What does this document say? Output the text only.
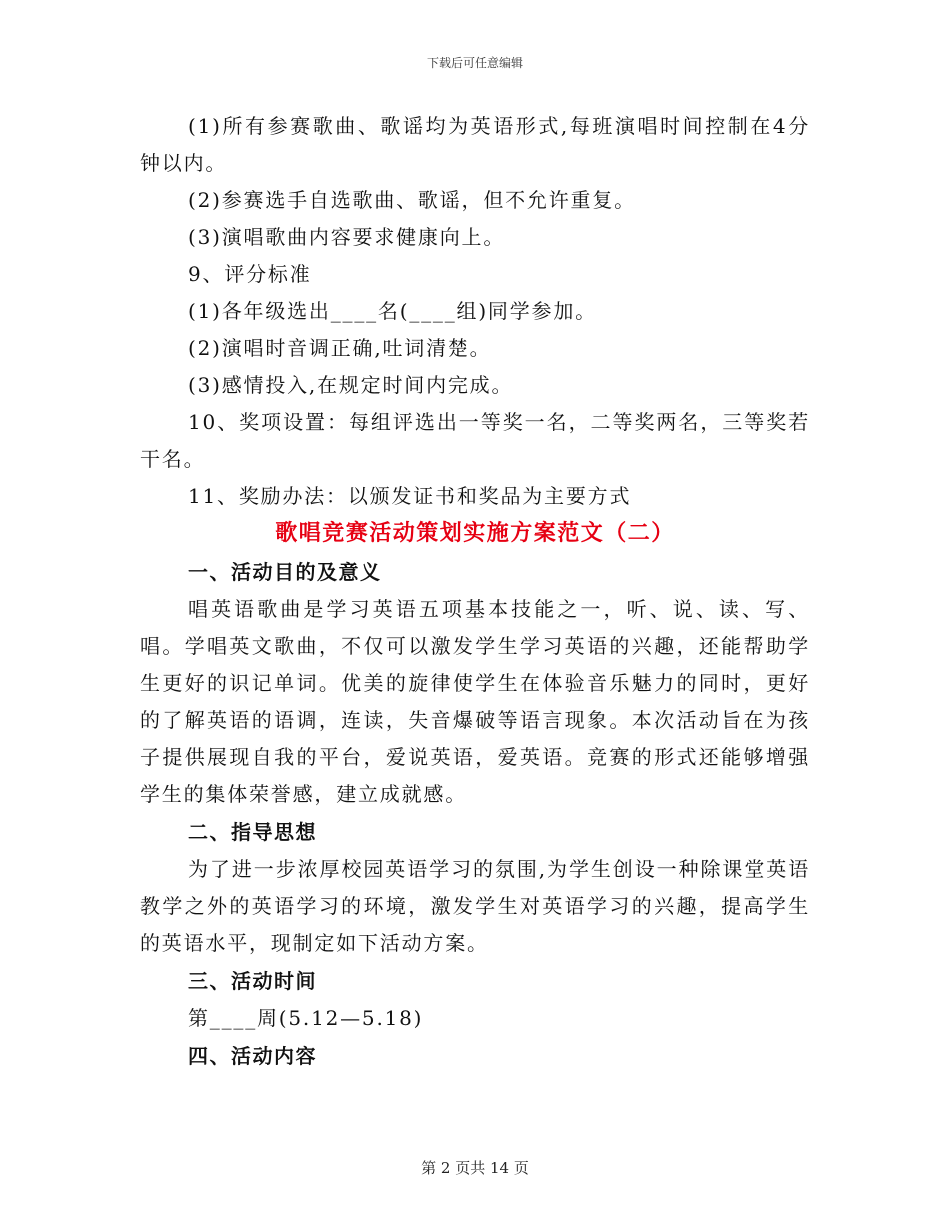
下载后可任意编辑

(1)所有参赛歌曲、歌谣均为英语形式,每班演唱时间控制在4分钟以内。

(2)参赛选手自选歌曲、歌谣，但不允许重复。

(3)演唱歌曲内容要求健康向上。

9、评分标准

(1)各年级选出____名(____组)同学参加。

(2)演唱时音调正确,吐词清楚。

(3)感情投入,在规定时间内完成。

10、奖项设置：每组评选出一等奖一名，二等奖两名，三等奖若干名。

11、奖励办法：以颁发证书和奖品为主要方式

歌唱竞赛活动策划实施方案范文（二）

一、活动目的及意义

唱英语歌曲是学习英语五项基本技能之一，听、说、读、写、唱。学唱英文歌曲，不仅可以激发学生学习英语的兴趣，还能帮助学生更好的识记单词。优美的旋律使学生在体验音乐魅力的同时，更好的了解英语的语调，连读，失音爆破等语言现象。本次活动旨在为孩子提供展现自我的平台，爱说英语，爱英语。竞赛的形式还能够增强学生的集体荣誉感，建立成就感。

二、指导思想

为了进一步浓厚校园英语学习的氛围,为学生创设一种除课堂英语教学之外的英语学习的环境，激发学生对英语学习的兴趣，提高学生的英语水平，现制定如下活动方案。

三、活动时间

第____周(5.12—5.18)

四、活动内容

第 2 页共 14 页
